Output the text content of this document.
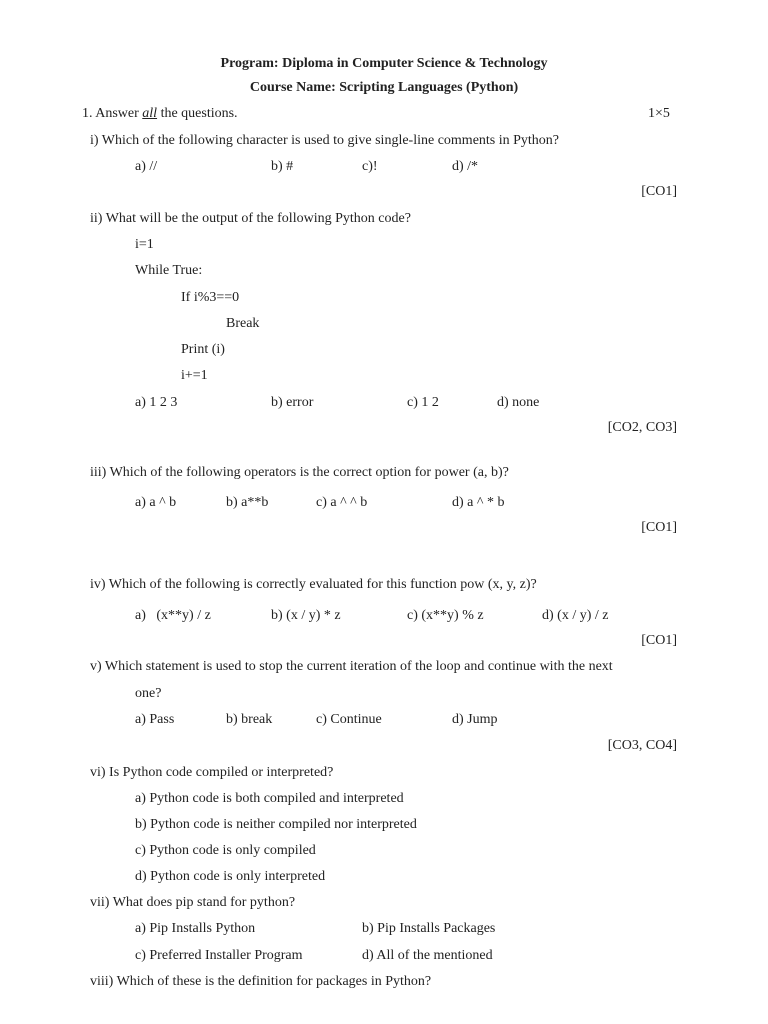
Program: Diploma in Computer Science & Technology
Course Name: Scripting Languages (Python)
1. Answer all the questions.	1×5
i) Which of the following character is used to give single-line comments in Python?
a) //	b) #	c)!	d) /*
[CO1]
ii) What will be the output of the following Python code?
i=1
While True:
If i%3==0
Break
Print (i)
i+=1
a) 1 2 3	b) error	c) 1 2	d) none
[CO2, CO3]
iii) Which of the following operators is the correct option for power (a, b)?
a) a ^ b	b) a**b	c) a ^ ^ b	d) a ^ * b
[CO1]
iv) Which of the following is correctly evaluated for this function pow (x, y, z)?
a)   (x**y) / z	b) (x / y) * z	c) (x**y) % z	d) (x / y) / z
[CO1]
v) Which statement is used to stop the current iteration of the loop and continue with the next
one?
a) Pass	b) break	c) Continue	d) Jump
[CO3, CO4]
vi) Is Python code compiled or interpreted?
a) Python code is both compiled and interpreted
b) Python code is neither compiled nor interpreted
c) Python code is only compiled
d) Python code is only interpreted
vii) What does pip stand for python?
a) Pip Installs Python	b) Pip Installs Packages
c) Preferred Installer Program	d) All of the mentioned
viii) Which of these is the definition for packages in Python?
